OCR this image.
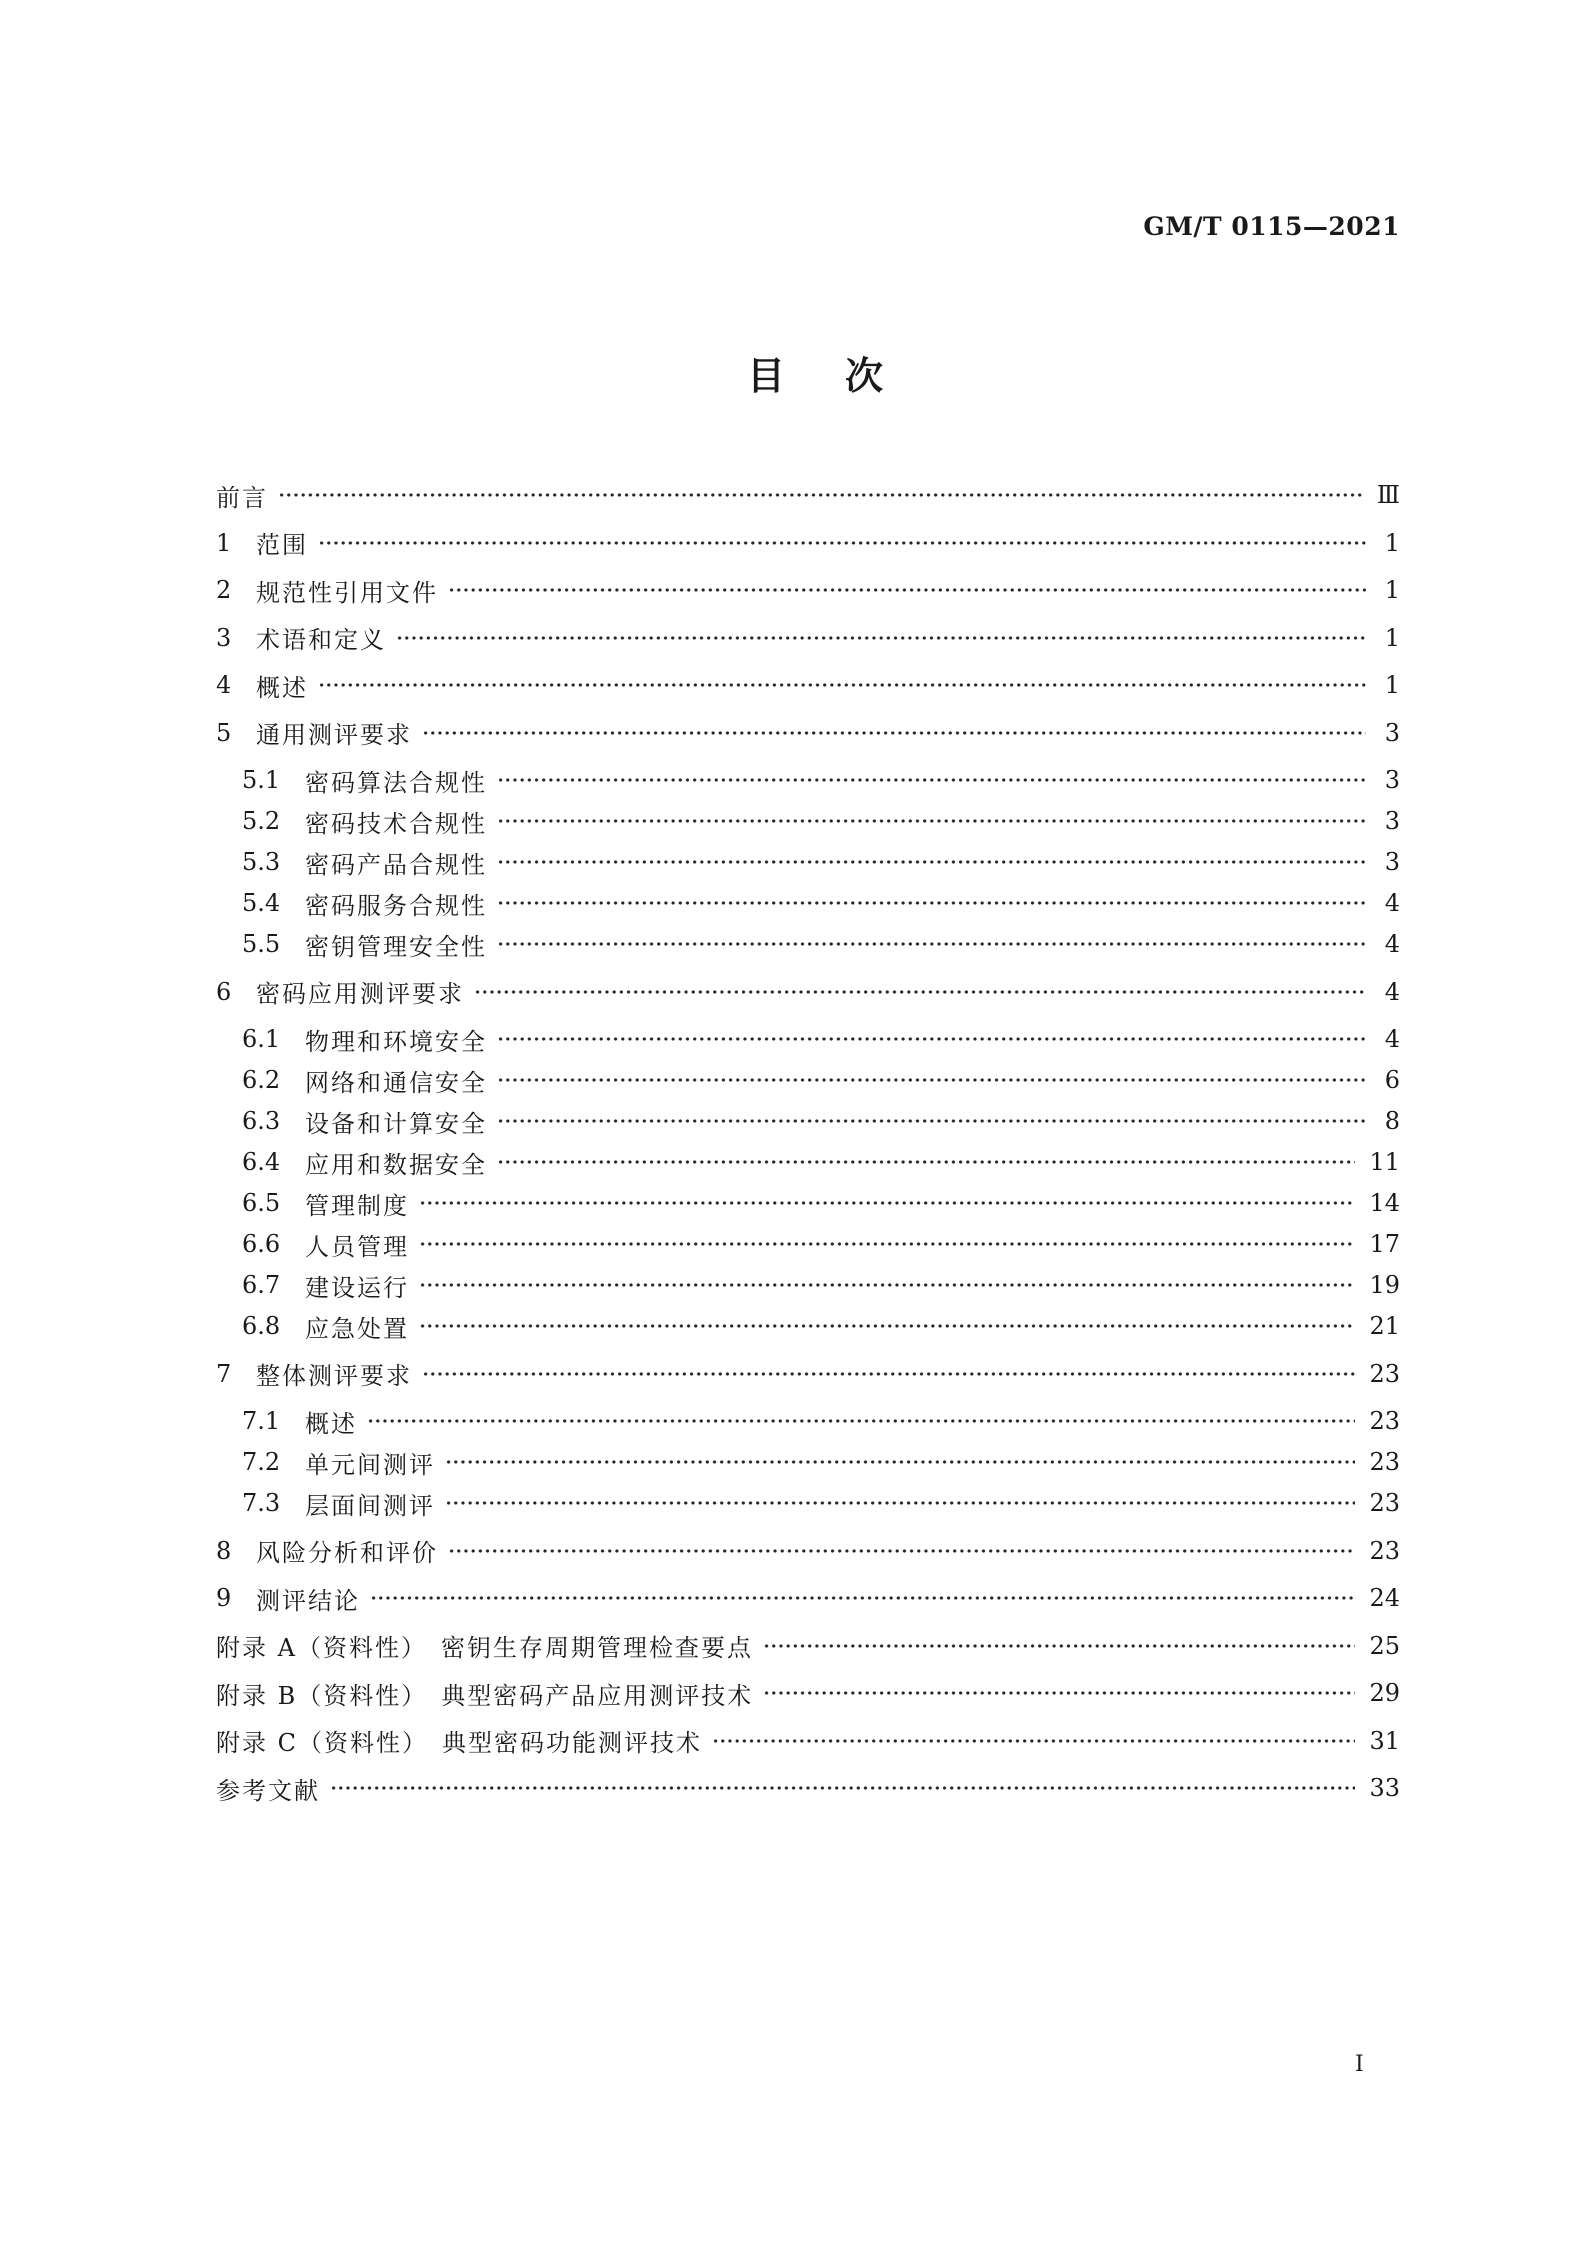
GM/T 0115—2021
目 次
前言	Ⅲ
1	范围	1
2	规范性引用文件	1
3	术语和定义	1
4	概述	1
5	通用测评要求	3
5.1	密码算法合规性	3
5.2	密码技术合规性	3
5.3	密码产品合规性	3
5.4	密码服务合规性	4
5.5	密钥管理安全性	4
6	密码应用测评要求	4
6.1	物理和环境安全	4
6.2	网络和通信安全	6
6.3	设备和计算安全	8
6.4	应用和数据安全	11
6.5	管理制度	14
6.6	人员管理	17
6.7	建设运行	19
6.8	应急处置	21
7	整体测评要求	23
7.1	概述	23
7.2	单元间测评	23
7.3	层面间测评	23
8	风险分析和评价	23
9	测评结论	24
附录 A（资料性）　密钥生存周期管理检查要点	25
附录 B（资料性）　典型密码产品应用测评技术	29
附录 C（资料性）　典型密码功能测评技术	31
参考文献	33
I
